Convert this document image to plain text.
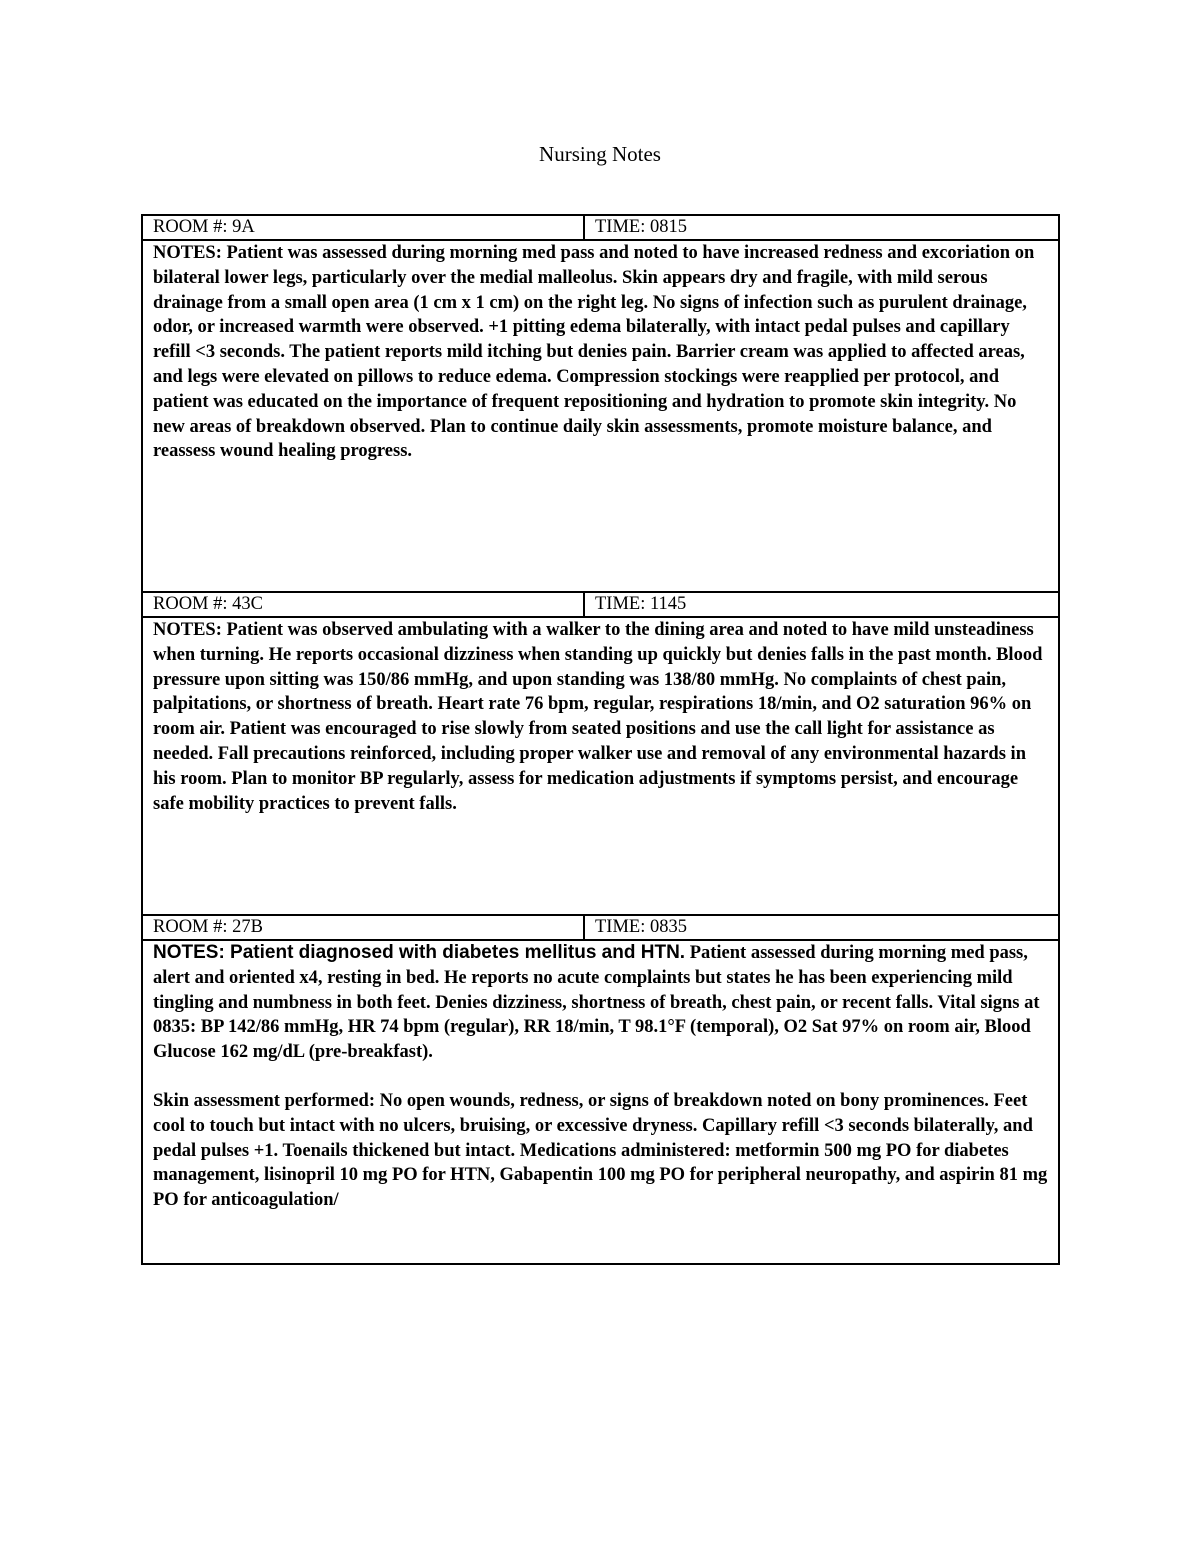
Nursing Notes
ROOM #: 9A	TIME: 0815

NOTES: Patient was assessed during morning med pass and noted to have increased redness and excoriation on bilateral lower legs, particularly over the medial malleolus. Skin appears dry and fragile, with mild serous drainage from a small open area (1 cm x 1 cm) on the right leg. No signs of infection such as purulent drainage, odor, or increased warmth were observed. +1 pitting edema bilaterally, with intact pedal pulses and capillary refill <3 seconds. The patient reports mild itching but denies pain. Barrier cream was applied to affected areas, and legs were elevated on pillows to reduce edema. Compression stockings were reapplied per protocol, and patient was educated on the importance of frequent repositioning and hydration to promote skin integrity. No new areas of breakdown observed. Plan to continue daily skin assessments, promote moisture balance, and reassess wound healing progress.	

ROOM #: 43C	TIME: 1145

NOTES: Patient was observed ambulating with a walker to the dining area and noted to have mild unsteadiness when turning. He reports occasional dizziness when standing up quickly but denies falls in the past month. Blood pressure upon sitting was 150/86 mmHg, and upon standing was 138/80 mmHg. No complaints of chest pain, palpitations, or shortness of breath. Heart rate 76 bpm, regular, respirations 18/min, and O2 saturation 96% on room air. Patient was encouraged to rise slowly from seated positions and use the call light for assistance as needed. Fall precautions reinforced, including proper walker use and removal of any environmental hazards in his room. Plan to monitor BP regularly, assess for medication adjustments if symptoms persist, and encourage safe mobility practices to prevent falls.	

ROOM #: 27B	TIME: 0835

NOTES: Patient diagnosed with diabetes mellitus and HTN. Patient assessed during morning med pass, alert and oriented x4, resting in bed. He reports no acute complaints but states he has been experiencing mild tingling and numbness in both feet. Denies dizziness, shortness of breath, chest pain, or recent falls. Vital signs at 0835: BP 142/86 mmHg, HR 74 bpm (regular), RR 18/min, T 98.1°F (temporal), O2 Sat 97% on room air, Blood Glucose 162 mg/dL (pre-breakfast).

Skin assessment performed: No open wounds, redness, or signs of breakdown noted on bony prominences. Feet cool to touch but intact with no ulcers, bruising, or excessive dryness. Capillary refill <3 seconds bilaterally, and pedal pulses +1. Toenails thickened but intact. Medications administered: metformin 500 mg PO for diabetes management, lisinopril 10 mg PO for HTN, Gabapentin 100 mg PO for peripheral neuropathy, and aspirin 81 mg PO for anticoagulation/	
